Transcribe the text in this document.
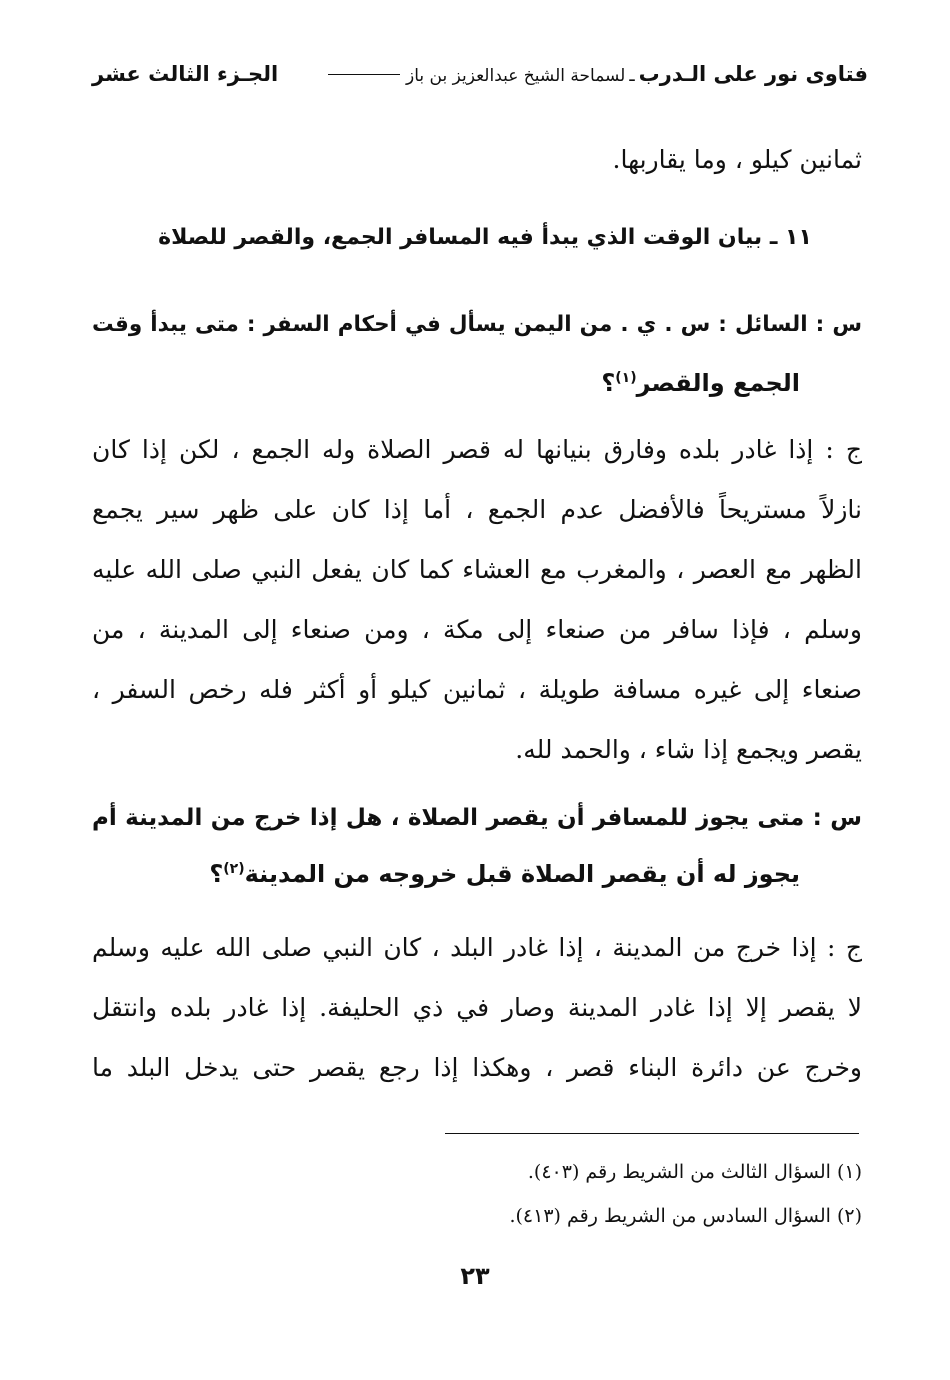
فتاوى نور على الـدرب
ـ
لسماحة الشيخ عبدالعزيز بن باز
الجـزء الثالث عشر
ثمانين كيلو ، وما يقاربها.
١١ ـ بيان الوقت الذي يبدأ فيه المسافر الجمع، والقصر للصلاة
س : السائل : س . ي . من اليمن يسأل في أحكام السفر : متى يبدأ وقت
الجمع والقصر$^{(١)}$؟
ج : إذا غادر بلده وفارق بنيانها له قصر الصلاة وله الجمع ، لكن إذا كان
نازلاً مستريحاً فالأفضل عدم الجمع ، أما إذا كان على ظهر سير يجمع
الظهر مع العصر ، والمغرب مع العشاء كما كان يفعل النبي صلى الله عليه
وسلم ، فإذا سافر من صنعاء إلى مكة ، ومن صنعاء إلى المدينة ، من
صنعاء إلى غيره مسافة طويلة ، ثمانين كيلو أو أكثر فله رخص السفر ،
يقصر ويجمع إذا شاء ، والحمد لله.
س : متى يجوز للمسافر أن يقصر الصلاة ، هل إذا خرج من المدينة أم
يجوز له أن يقصر الصلاة قبل خروجه من المدينة$^{(٢)}$؟
ج : إذا خرج من المدينة ، إذا غادر البلد ، كان النبي صلى الله عليه وسلم
لا يقصر إلا إذا غادر المدينة وصار في ذي الحليفة. إذا غادر بلده وانتقل
وخرج عن دائرة البناء قصر ، وهكذا إذا رجع يقصر حتى يدخل البلد ما
(١) السؤال الثالث من الشريط رقم (٤٠٣).
(٢) السؤال السادس من الشريط رقم (٤١٣).
٢٣
